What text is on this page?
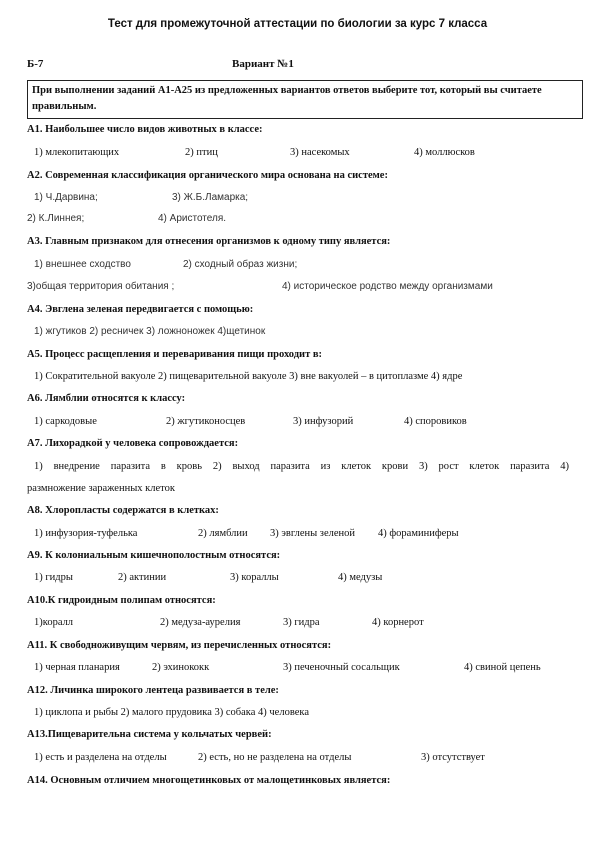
Тест для промежуточной аттестации по биологии за курс 7 класса
Б-7	Вариант №1
При выполнении заданий А1-А25 из предложенных вариантов ответов выберите тот, который вы считаете правильным.
А1. Наибольшее число видов животных в классе:
1) млекопитающих	2) птиц	3) насекомых	4) моллюсков
А2. Современная классификация органического мира основана на системе:
1) Ч.Дарвина;	3) Ж.Б.Ламарка;
2) К.Линнея;	4) Аристотеля.
А3. Главным признаком для отнесения организмов к одному типу является:
1) внешнее сходство	2) сходный образ жизни;
3)общая территория обитания ;	4) историческое родство между организмами
А4. Эвглена зеленая передвигается с помощью:
1) жгутиков 2) ресничек 3) ложноножек 4)щетинок
А5. Процесс расщепления и переваривания пищи проходит в:
1) Сократительной вакуоле 2) пищеварительной вакуоле 3) вне вакуолей – в цитоплазме 4) ядре
А6. Лямблии относятся к классу:
1) саркодовые	2) жгутиконосцев	3) инфузорий	4) споровиков
А7. Лихорадкой у человека сопровождается:
1) внедрение паразита в кровь 2) выход паразита из клеток крови 3) рост клеток паразита 4)
размножение зараженных клеток
А8. Хлоропласты содержатся в клетках:
1) инфузория-туфелька	2) лямблии 3) эвглены зеленой 4) фораминиферы
А9. К колониальным кишечнополостным относятся:
1) гидры	2) актинии	3) кораллы	4) медузы
А10.К гидроидным полипам относятся:
1)коралл	2) медуза-аурелия	3) гидра	4) корнерот
А11. К свободноживущим червям, из перечисленных относятся:
1) черная планария	2) эхинококк	3) печеночный сосальщик	4) свиной цепень
А12. Личинка широкого лентеца развивается в теле:
1) циклопа и рыбы 2) малого прудовика 3) собака 4) человека
А13.Пищеварительна система у кольчатых червей:
1) есть и разделена на отделы	2) есть, но не разделена на отделы	3) отсутствует
А14. Основным отличием многощетинковых от малощетинковых является:
